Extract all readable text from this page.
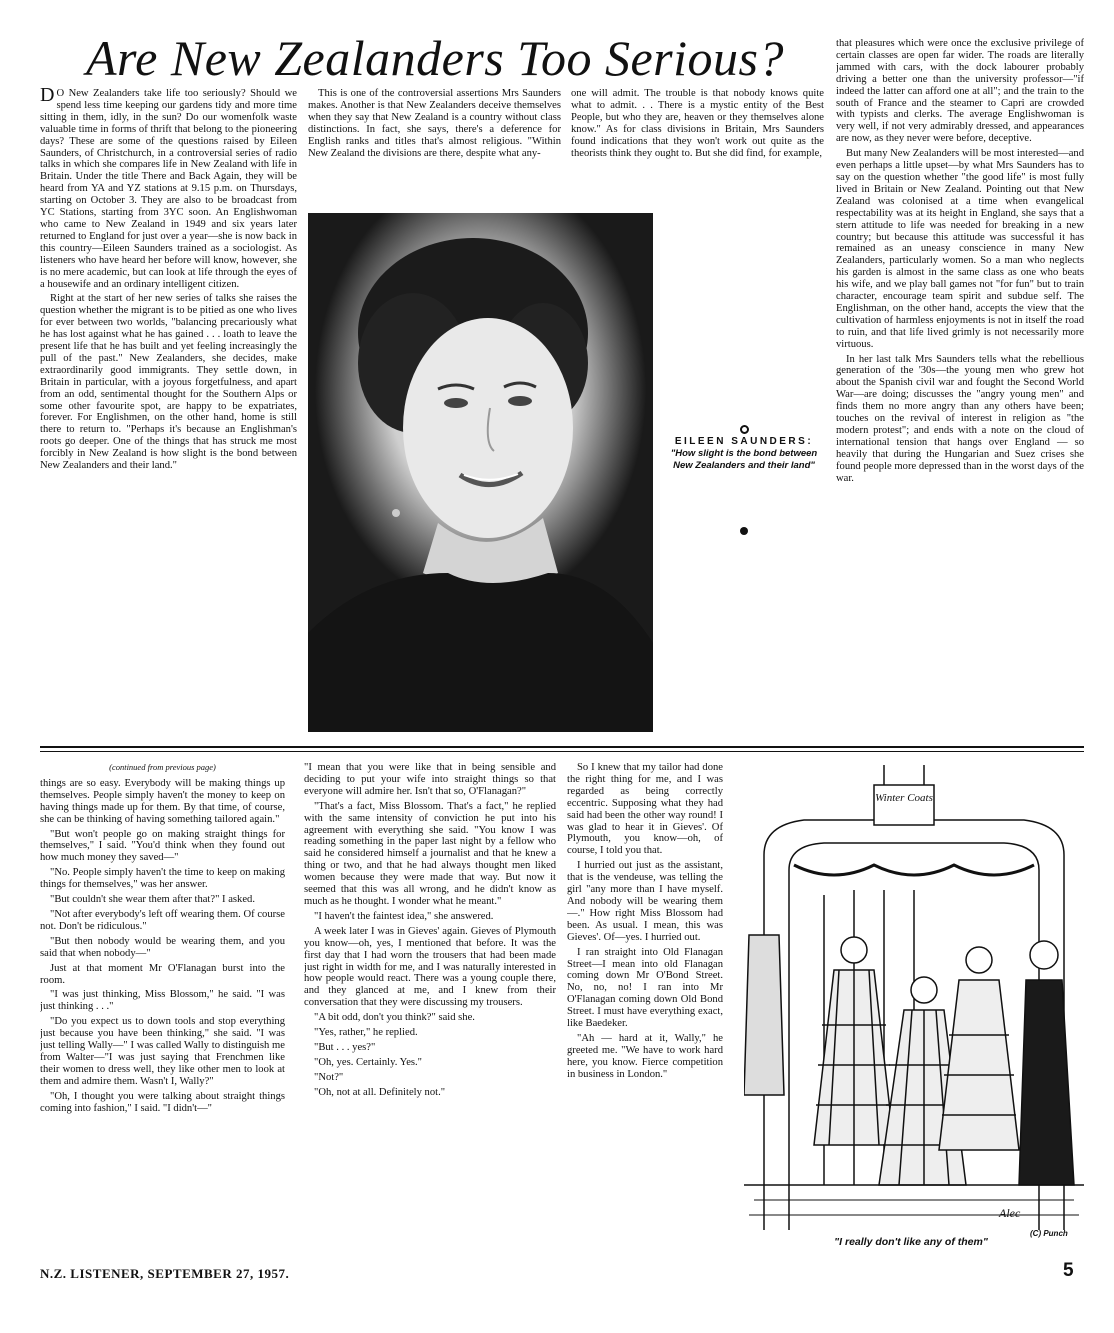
Are New Zealanders Too Serious?

D O New Zealanders take life too seriously? Should we spend less time keeping our gardens tidy and more time sitting in them, idly, in the sun? Do our womenfolk waste valuable time in forms of thrift that belong to the pioneering days? These are some of the questions raised by Eileen Saunders, of Christchurch, in a controversial series of radio talks in which she compares life in New Zealand with life in Britain. Under the title There and Back Again, they will be heard from YA and YZ stations at 9.15 p.m. on Thursdays, starting on October 3. They are also to be broadcast from YC Stations, starting from 3YC soon. An Englishwoman who came to New Zealand in 1949 and six years later returned to England for just over a year—she is now back in this country—Eileen Saunders trained as a sociologist. As listeners who have heard her before will know, however, she is no mere academic, but can look at life through the eyes of a housewife and an ordinary intelligent citizen.

Right at the start of her new series of talks she raises the question whether the migrant is to be pitied as one who lives for ever between two worlds, "balancing precariously what he has lost against what he has gained . . . loath to leave the present life that he has built and yet feeling increasingly the pull of the past." New Zealanders, she decides, make extraordinarily good immigrants. They settle down, in Britain in particular, with a joyous forgetfulness, and apart from an odd, sentimental thought for the Southern Alps or some other favourite spot, are happy to be expatriates, forever. For Englishmen, on the other hand, home is still there to return to. "Perhaps it's because an Englishman's roots go deeper. One of the things that has struck me most forcibly in New Zealand is how slight is the bond between New Zealanders and their land."

This is one of the controversial assertions Mrs Saunders makes. Another is that New Zealanders deceive themselves when they say that New Zealand is a country without class distinctions. In fact, she says, there's a deference for English ranks and titles that's almost religious. "Within New Zealand the divisions are there, despite what any-

one will admit. The trouble is that nobody knows quite what to admit. . . There is a mystic entity of the Best People, but who they are, heaven or they themselves alone know." As for class divisions in Britain, Mrs Saunders found indications that they won't work out quite as the theorists think they ought to. But she did find, for example,

that pleasures which were once the exclusive privilege of certain classes are open far wider. The roads are literally jammed with cars, with the dock labourer probably driving a better one than the university professor—"if indeed the latter can afford one at all"; and the train to the south of France and the steamer to Capri are crowded with typists and clerks. The average Englishwoman is very well, if not very admirably dressed, and appearances are now, as they never were before, deceptive.

But many New Zealanders will be most interested—and even perhaps a little upset—by what Mrs Saunders has to say on the question whether "the good life" is most fully lived in Britain or New Zealand. Pointing out that New Zealand was colonised at a time when evangelical respectability was at its height in England, she says that a stern attitude to life was needed for breaking in a new country; but because this attitude was successful it has remained as an uneasy conscience in many New Zealanders, particularly women. So a man who neglects his garden is almost in the same class as one who beats his wife, and we play ball games not "for fun" but to train character, encourage team spirit and subdue self. The Englishman, on the other hand, accepts the view that the cultivation of harmless enjoyments is not in itself the road to ruin, and that life lived grimly is not necessarily more virtuous.

In her last talk Mrs Saunders tells what the rebellious generation of the '30s—the young men who grew hot about the Spanish civil war and fought the Second World War—are doing; discusses the "angry young men" and finds them no more angry than any others have been; touches on the revival of interest in religion as "the modern protest"; and ends with a note on the cloud of international tension that hangs over England — so heavily that during the Hungarian and Suez crises she found people more depressed than in the worst days of the war.

EILEEN SAUNDERS:
"How slight is the bond between New Zealanders and their land"

(continued from previous page)

things are so easy. Everybody will be making things up themselves. People simply haven't the money to keep on having things made up for them. By that time, of course, she can be thinking of having something tailored again."

"But won't people go on making straight things for themselves," I said. "You'd think when they found out how much money they saved—"

"No. People simply haven't the time to keep on making things for themselves," was her answer.

"But couldn't she wear them after that?" I asked.

"Not after everybody's left off wearing them. Of course not. Don't be ridiculous."

"But then nobody would be wearing them, and you said that when nobody—"

Just at that moment Mr O'Flanagan burst into the room.

"I was just thinking, Miss Blossom," he said. "I was just thinking . . ."

"Do you expect us to down tools and stop everything just because you have been thinking," she said. "I was just telling Wally—" I was called Wally to distinguish me from Walter—"I was just saying that Frenchmen like their women to dress well, they like other men to look at them and admire them. Wasn't I, Wally?"

"Oh, I thought you were talking about straight things coming into fashion," I said. "I didn't—"

"I mean that you were like that in being sensible and deciding to put your wife into straight things so that everyone will admire her. Isn't that so, O'Flanagan?"

"That's a fact, Miss Blossom. That's a fact," he replied with the same intensity of conviction he put into his agreement with everything she said. "You know I was reading something in the paper last night by a fellow who said he considered himself a journalist and that he knew a thing or two, and that he had always thought men liked women because they were made that way. But now it seemed that this was all wrong, and he didn't know as much as he thought. I wonder what he meant."

"I haven't the faintest idea," she answered.

A week later I was in Gieves' again. Gieves of Plymouth you know—oh, yes, I mentioned that before. It was the first day that I had worn the trousers that had been made just right in width for me, and I was naturally interested in how people would react. There was a young couple there, and they glanced at me, and I knew from their conversation that they were discussing my trousers.

"A bit odd, don't you think?" said she.

"Yes, rather," he replied.

"But . . . yes?"

"Oh, yes. Certainly. Yes."

"Not?"

"Oh, not at all. Definitely not."

So I knew that my tailor had done the right thing for me, and I was regarded as being correctly eccentric. Supposing what they had said had been the other way round! I was glad to hear it in Gieves'. Of Plymouth, you know—oh, of course, I told you that.

I hurried out just as the assistant, that is the vendeuse, was telling the girl "any more than I have myself. And nobody will be wearing them—." How right Miss Blossom had been. As usual. I mean, this was Gieves'. Of—yes. I hurried out.

I ran straight into Old Flanagan Street—I mean into old Flanagan coming down Mr O'Bond Street. No, no, no! I ran into Mr O'Flanagan coming down Old Bond Street. I must have everything exact, like Baedeker.

"Ah — hard at it, Wally," he greeted me. "We have to work hard here, you know. Fierce competition in business in London."

Winter Coats
Alec
(C) Punch
"I really don't like any of them"
N.Z. LISTENER, SEPTEMBER 27, 1957.	5
